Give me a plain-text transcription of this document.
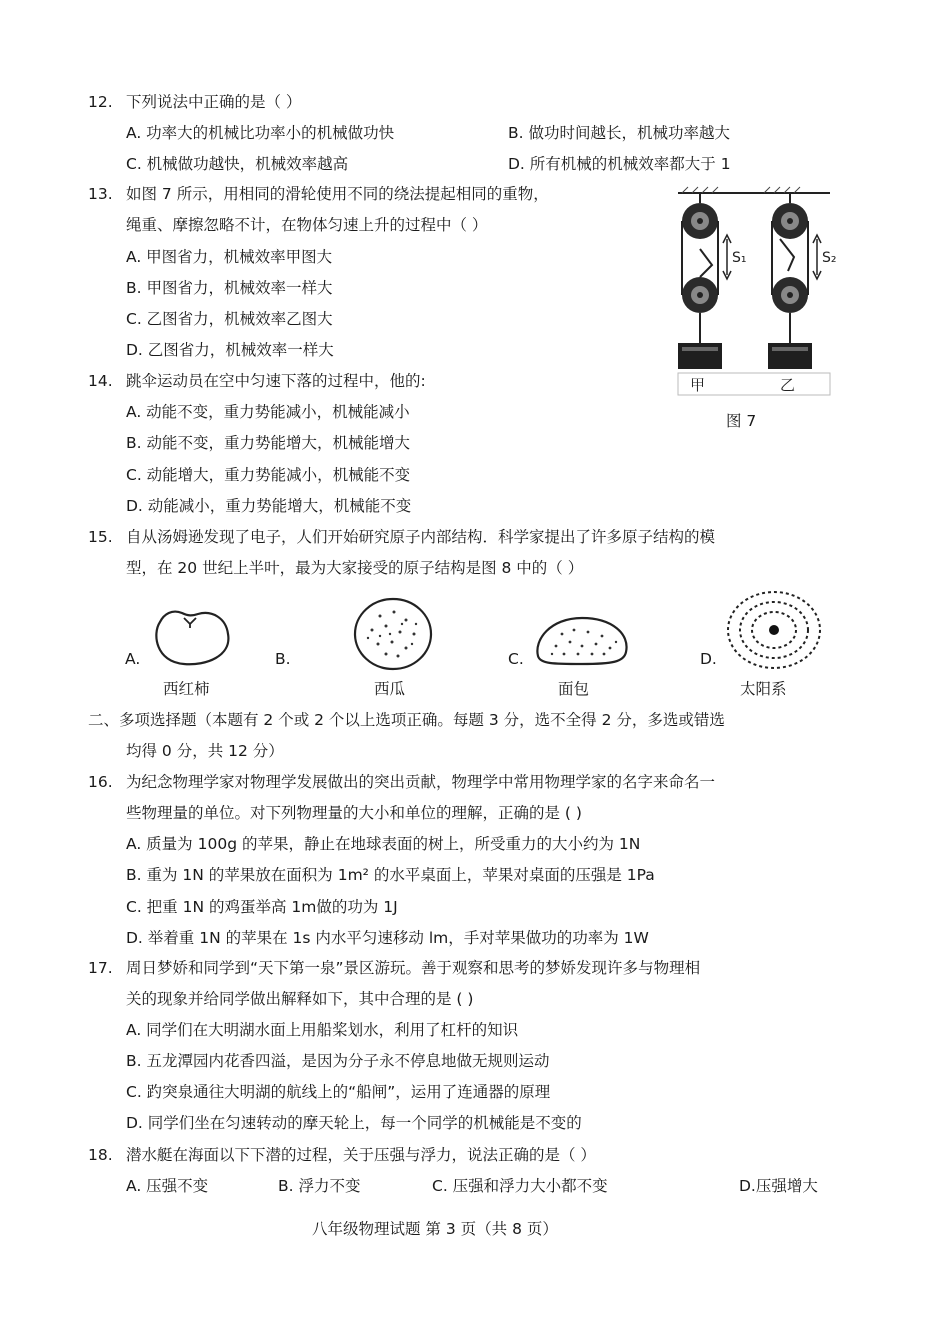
12. 下列说法中正确的是（ ）
A. 功率大的机械比功率小的机械做功快	B. 做功时间越长，机械功率越大
C. 机械做功越快，机械效率越高	D. 所有机械的机械效率都大于 1
13. 如图 7 所示，用相同的滑轮使用不同的绕法提起相同的重物，
绳重、摩擦忽略不计，在物体匀速上升的过程中（ ）
A. 甲图省力，机械效率甲图大
B. 甲图省力，机械效率一样大
C. 乙图省力，机械效率乙图大
D. 乙图省力，机械效率一样大
S₁	S₂
甲	乙
图 7
14. 跳伞运动员在空中匀速下落的过程中，他的:
A. 动能不变，重力势能减小，机械能减小
B. 动能不变，重力势能增大，机械能增大
C. 动能增大，重力势能减小，机械能不变
D. 动能减小，重力势能增大，机械能不变
15. 自从汤姆逊发现了电子，人们开始研究原子内部结构．科学家提出了许多原子结构的模
型，在 20 世纪上半叶，最为大家接受的原子结构是图 8 中的（ ）
A.
西红柿
B.
西瓜
C.
面包
D.
太阳系
二、多项选择题（本题有 2 个或 2 个以上选项正确。每题 3 分，选不全得 2 分，多选或错选
均得 0 分，共 12 分）
16. 为纪念物理学家对物理学发展做出的突出贡献，物理学中常用物理学家的名字来命名一
些物理量的单位。对下列物理量的大小和单位的理解，正确的是 ( )
A. 质量为 100g 的苹果，静止在地球表面的树上，所受重力的大小约为 1N
B. 重为 1N 的苹果放在面积为 1m² 的水平桌面上，苹果对桌面的压强是 1Pa
C. 把重 1N 的鸡蛋举高 1m做的功为 1J
D. 举着重 1N 的苹果在 1s 内水平匀速移动 lm，手对苹果做功的功率为 1W
17. 周日梦娇和同学到“天下第一泉”景区游玩。善于观察和思考的梦娇发现许多与物理相
关的现象并给同学做出解释如下，其中合理的是 ( )
A. 同学们在大明湖水面上用船桨划水，利用了杠杆的知识
B. 五龙潭园内花香四溢，是因为分子永不停息地做无规则运动
C. 趵突泉通往大明湖的航线上的“船闸”，运用了连通器的原理
D. 同学们坐在匀速转动的摩天轮上，每一个同学的机械能是不变的
18. 潜水艇在海面以下下潜的过程，关于压强与浮力，说法正确的是（ ）
A. 压强不变	B. 浮力不变	C. 压强和浮力大小都不变	D.压强增大
八年级物理试题 第 3 页（共 8 页）
